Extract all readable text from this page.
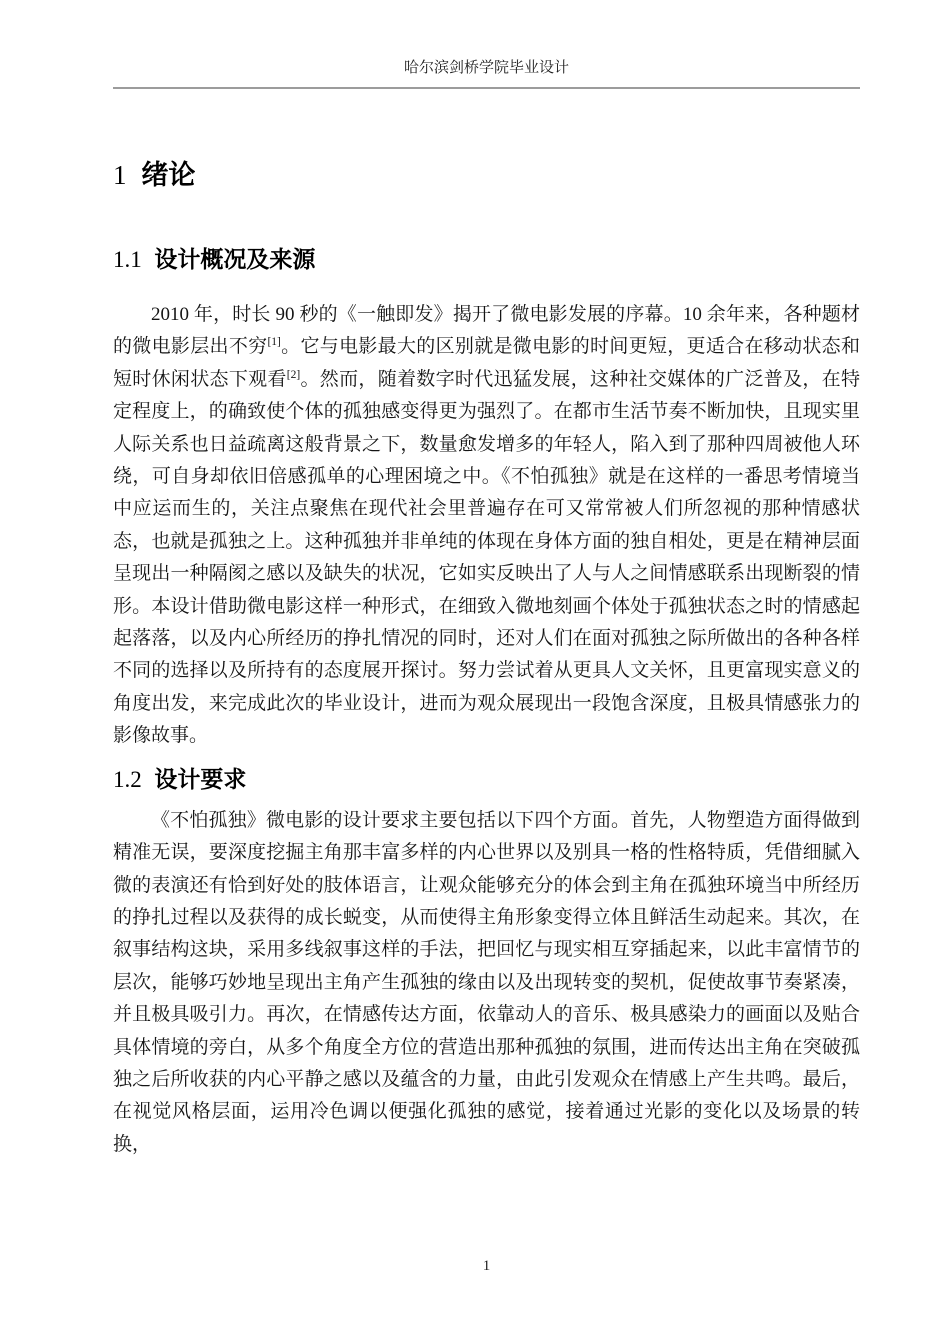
哈尔滨剑桥学院毕业设计
1 绪论
1.1 设计概况及来源

2010 年，时长 90 秒的《一触即发》揭开了微电影发展的序幕。10 余年来，各种题材的微电影层出不穷[1]。它与电影最大的区别就是微电影的时间更短，更适合在移动状态和短时休闲状态下观看[2]。然而，随着数字时代迅猛发展，这种社交媒体的广泛普及，在特定程度上，的确致使个体的孤独感变得更为强烈了。在都市生活节奏不断加快，且现实里人际关系也日益疏离这般背景之下，数量愈发增多的年轻人，陷入到了那种四周被他人环绕，可自身却依旧倍感孤单的心理困境之中。《不怕孤独》就是在这样的一番思考情境当中应运而生的，关注点聚焦在现代社会里普遍存在可又常常被人们所忽视的那种情感状态，也就是孤独之上。这种孤独并非单纯的体现在身体方面的独自相处，更是在精神层面呈现出一种隔阂之感以及缺失的状况，它如实反映出了人与人之间情感联系出现断裂的情形。本设计借助微电影这样一种形式，在细致入微地刻画个体处于孤独状态之时的情感起起落落，以及内心所经历的挣扎情况的同时，还对人们在面对孤独之际所做出的各种各样不同的选择以及所持有的态度展开探讨。努力尝试着从更具人文关怀，且更富现实意义的角度出发，来完成此次的毕业设计，进而为观众展现出一段饱含深度，且极具情感张力的影像故事。

1.2 设计要求

《不怕孤独》微电影的设计要求主要包括以下四个方面。首先，人物塑造方面得做到精准无误，要深度挖掘主角那丰富多样的内心世界以及别具一格的性格特质，凭借细腻入微的表演还有恰到好处的肢体语言，让观众能够充分的体会到主角在孤独环境当中所经历的挣扎过程以及获得的成长蜕变，从而使得主角形象变得立体且鲜活生动起来。其次，在叙事结构这块，采用多线叙事这样的手法，把回忆与现实相互穿插起来，以此丰富情节的层次，能够巧妙地呈现出主角产生孤独的缘由以及出现转变的契机，促使故事节奏紧凑，并且极具吸引力。再次，在情感传达方面，依靠动人的音乐、极具感染力的画面以及贴合具体情境的旁白，从多个角度全方位的营造出那种孤独的氛围，进而传达出主角在突破孤独之后所收获的内心平静之感以及蕴含的力量，由此引发观众在情感上产生共鸣。最后，在视觉风格层面，运用冷色调以便强化孤独的感觉，接着通过光影的变化以及场景的转换，

1
